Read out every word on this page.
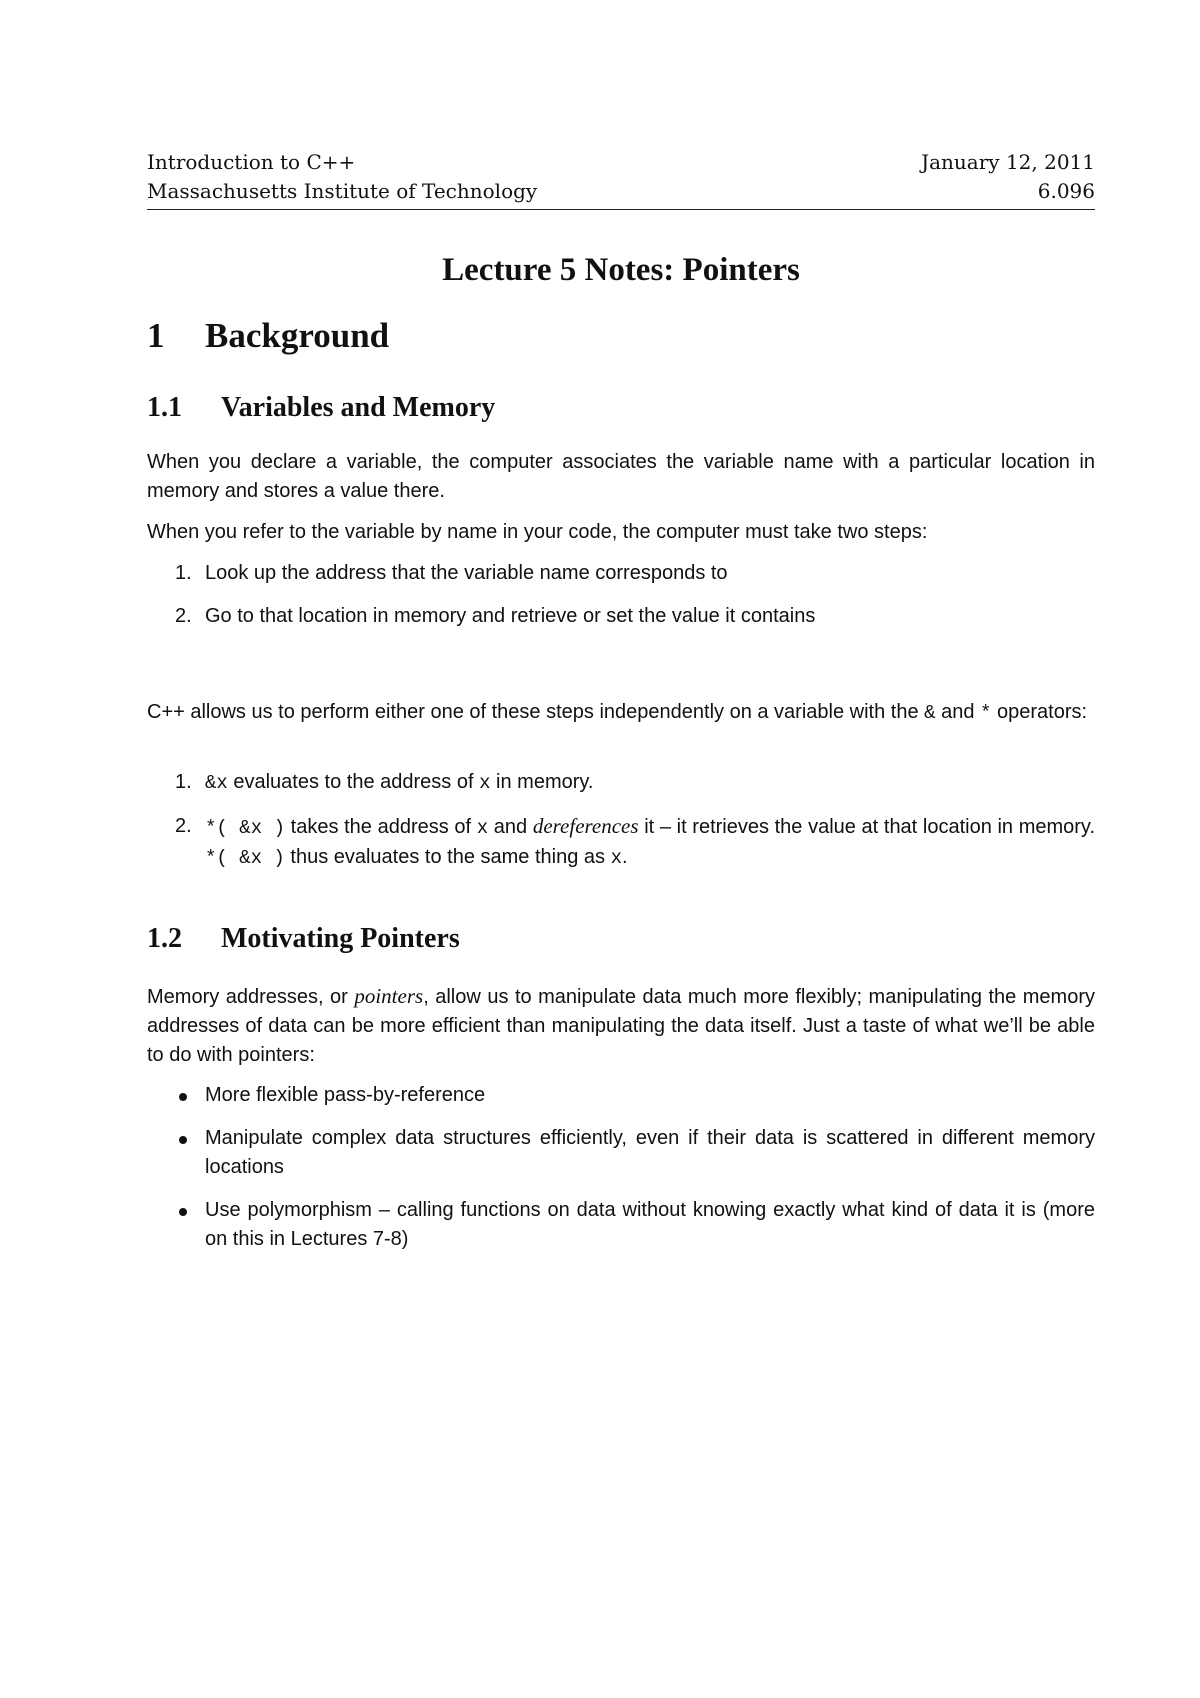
Introduction to C++	January 12, 2011
Massachusetts Institute of Technology	6.096
Lecture 5 Notes: Pointers
1 Background
1.1 Variables and Memory
When you declare a variable, the computer associates the variable name with a particular location in memory and stores a value there.
When you refer to the variable by name in your code, the computer must take two steps:
1. Look up the address that the variable name corresponds to
2. Go to that location in memory and retrieve or set the value it contains
C++ allows us to perform either one of these steps independently on a variable with the & and * operators:
1. &x evaluates to the address of x in memory.
2. *( &x ) takes the address of x and dereferences it – it retrieves the value at that location in memory. *( &x ) thus evaluates to the same thing as x.
1.2 Motivating Pointers
Memory addresses, or pointers, allow us to manipulate data much more flexibly; manipulating the memory addresses of data can be more efficient than manipulating the data itself. Just a taste of what we’ll be able to do with pointers:
More flexible pass-by-reference
Manipulate complex data structures efficiently, even if their data is scattered in different memory locations
Use polymorphism – calling functions on data without knowing exactly what kind of data it is (more on this in Lectures 7-8)
